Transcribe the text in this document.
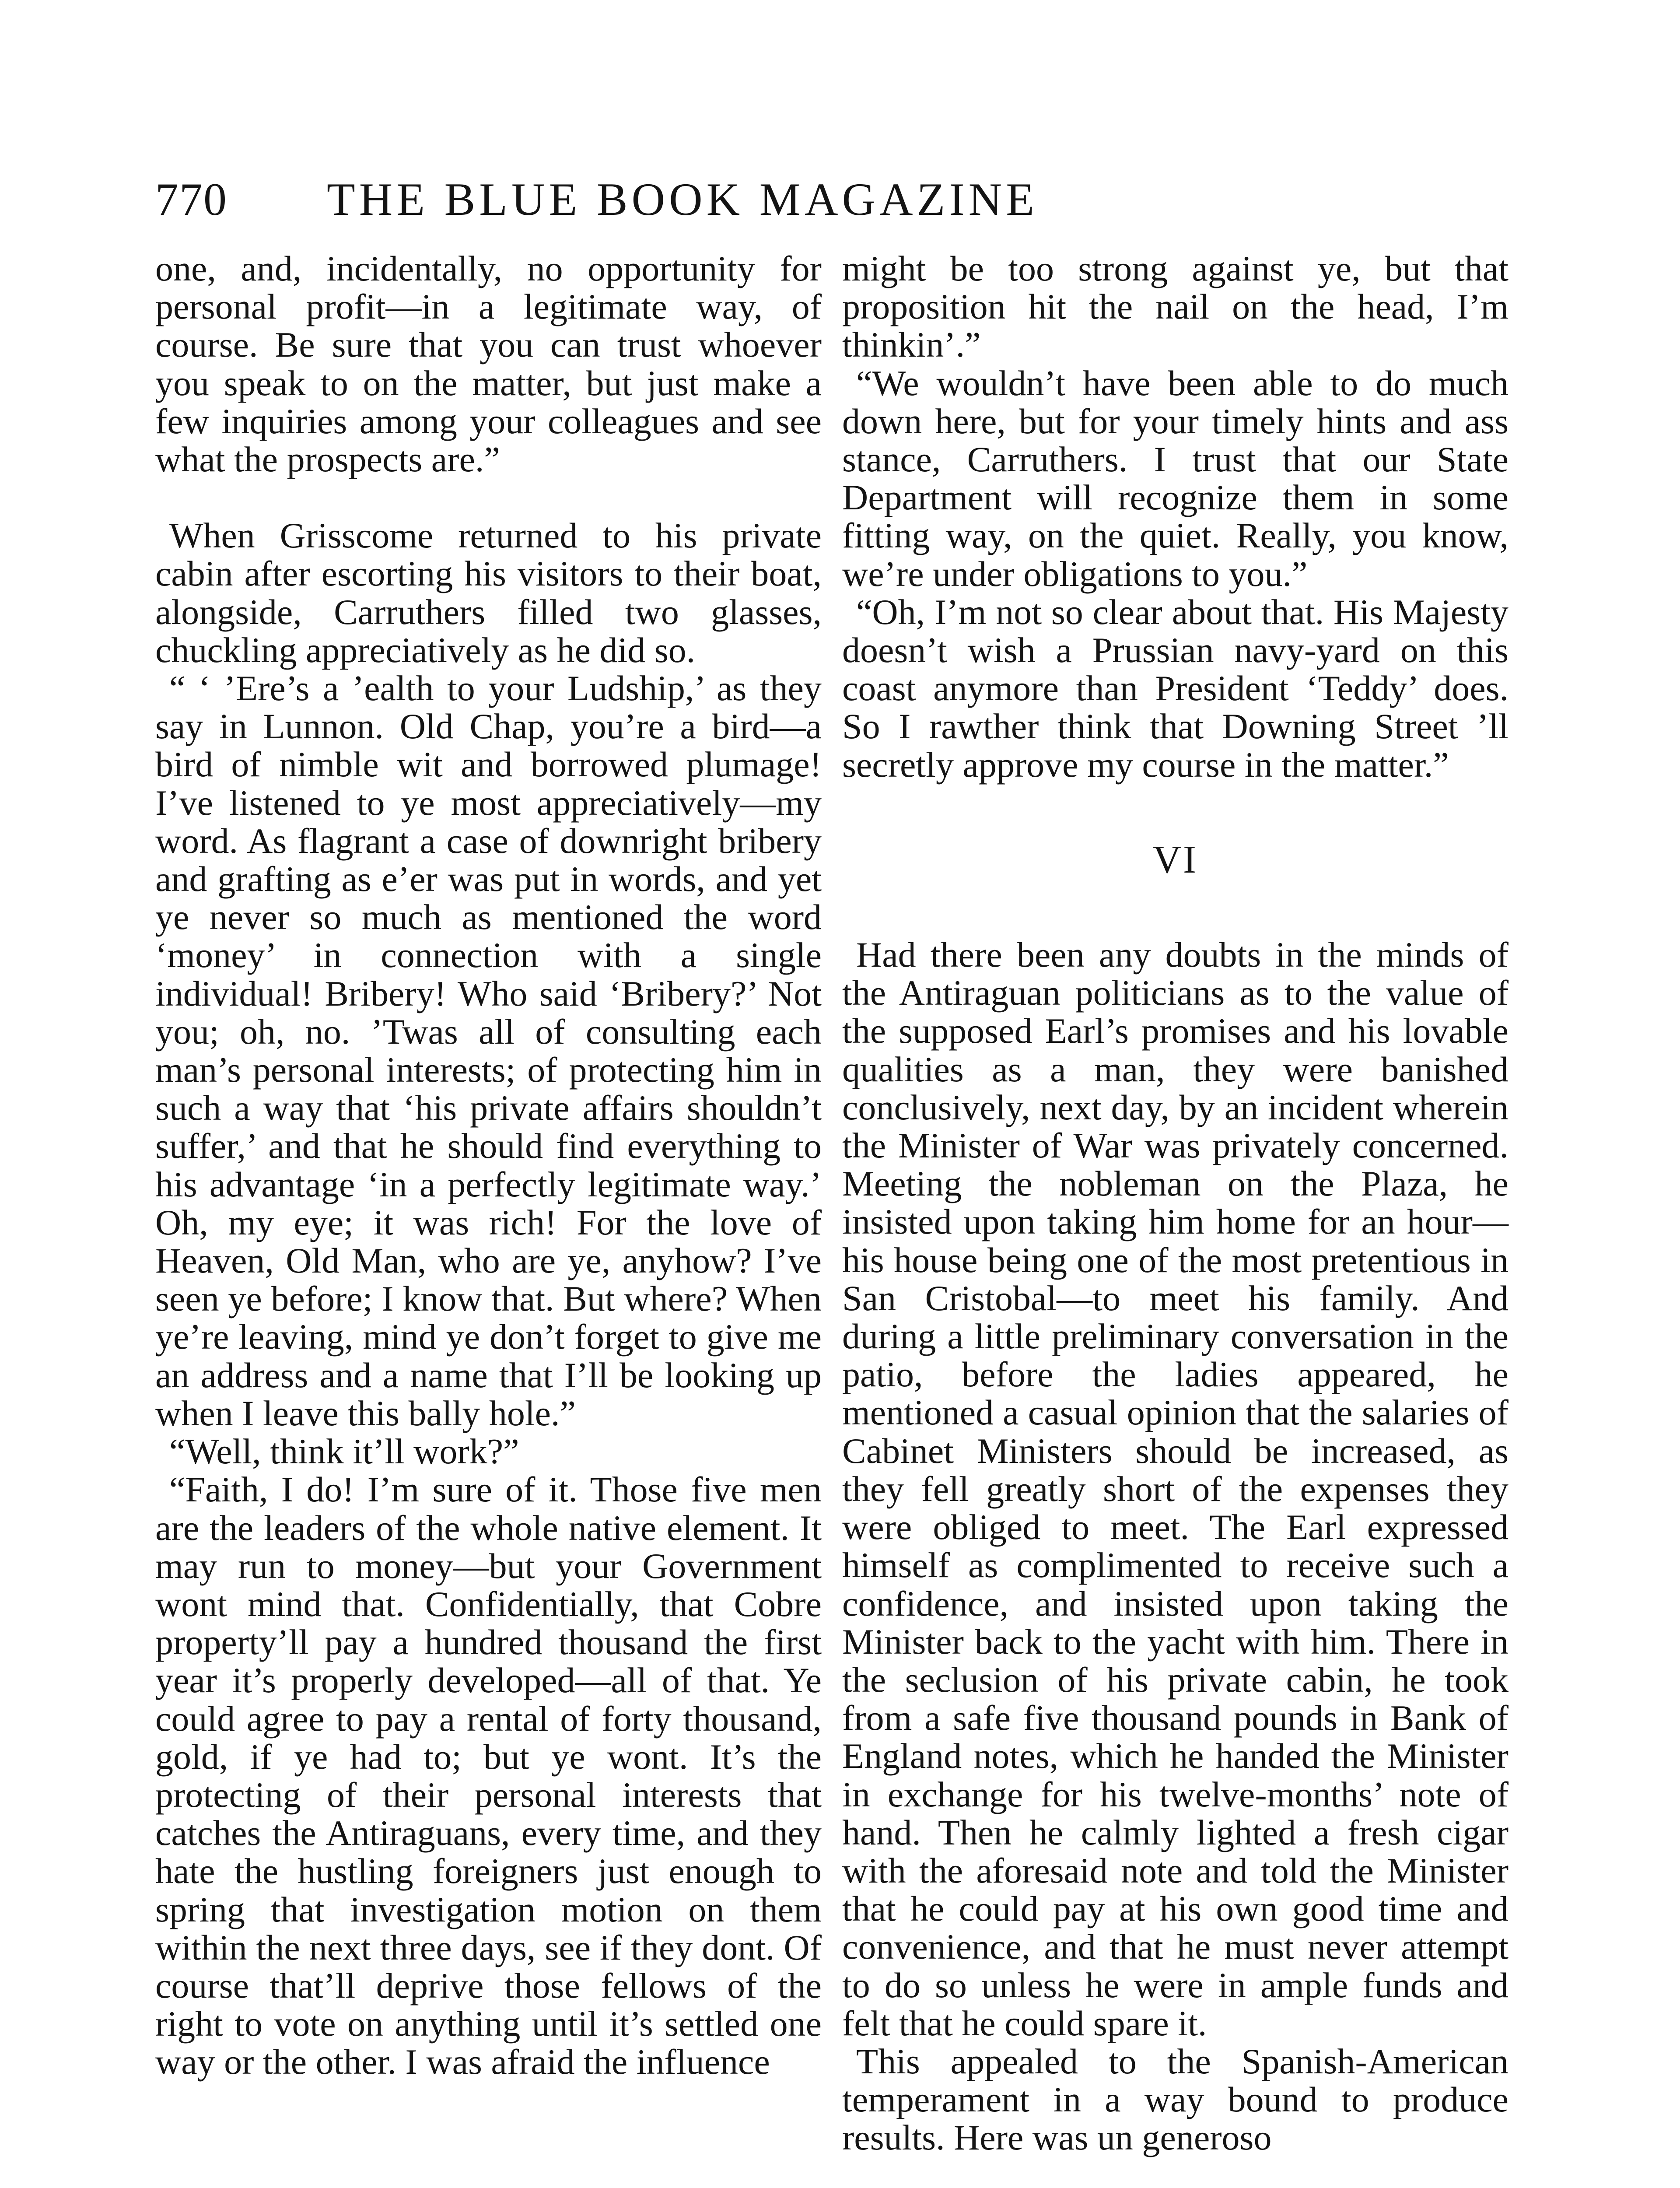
770	THE BLUE BOOK MAGAZINE

one, and, incidentally, no opportunity for personal profit—in a legitimate way, of course. Be sure that you can trust whoever you speak to on the matter, but just make a few inquiries among your colleagues and see what the prospects are.”

When Grisscome returned to his private cabin after escorting his visitors to their boat, alongside, Carruthers filled two glasses, chuckling appreciatively as he did so.

“ ‘ ’Ere’s a ’ealth to your Ludship,’ as they say in Lunnon. Old Chap, you’re a bird—a bird of nimble wit and borrowed plumage! I’ve listened to ye most appreciatively—my word. As flagrant a case of downright bribery and grafting as e’er was put in words, and yet ye never so much as mentioned the word ‘money’ in connection with a single individual! Bribery! Who said ‘Bribery?’ Not you; oh, no. ’Twas all of consulting each man’s personal interests; of protecting him in such a way that ‘his private affairs shouldn’t suffer,’ and that he should find everything to his advantage ‘in a perfectly legitimate way.’ Oh, my eye; it was rich! For the love of Heaven, Old Man, who are ye, anyhow? I’ve seen ye before; I know that. But where? When ye’re leaving, mind ye don’t forget to give me an address and a name that I’ll be looking up when I leave this bally hole.”

“Well, think it’ll work?”

“Faith, I do! I’m sure of it. Those five men are the leaders of the whole native element. It may run to money—but your Government wont mind that. Confidentially, that Cobre property’ll pay a hundred thousand the first year it’s properly developed—all of that. Ye could agree to pay a rental of forty thousand, gold, if ye had to; but ye wont. It’s the protecting of their personal interests that catches the Antiraguans, every time, and they hate the hustling foreigners just enough to spring that investigation motion on them within the next three days, see if they dont. Of course that’ll deprive those fellows of the right to vote on anything until it’s settled one way or the other. I was afraid the influence

might be too strong against ye, but that proposition hit the nail on the head, I’m thinkin’.”

“We wouldn’t have been able to do much down here, but for your timely hints and ass stance, Carruthers. I trust that our State Department will recognize them in some fitting way, on the quiet. Really, you know, we’re under obligations to you.”

“Oh, I’m not so clear about that. His Majesty doesn’t wish a Prussian navy-yard on this coast anymore than President ‘Teddy’ does. So I rawther think that Downing Street ’ll secretly approve my course in the matter.”

VI

Had there been any doubts in the minds of the Antiraguan politicians as to the value of the supposed Earl’s promises and his lovable qualities as a man, they were banished conclusively, next day, by an incident wherein the Minister of War was privately concerned. Meeting the nobleman on the Plaza, he insisted upon taking him home for an hour—his house being one of the most pretentious in San Cristobal—to meet his family. And during a little preliminary conversation in the patio, before the ladies appeared, he mentioned a casual opinion that the salaries of Cabinet Ministers should be increased, as they fell greatly short of the expenses they were obliged to meet. The Earl expressed himself as complimented to receive such a confidence, and insisted upon taking the Minister back to the yacht with him. There in the seclusion of his private cabin, he took from a safe five thousand pounds in Bank of England notes, which he handed the Minister in exchange for his twelve-months’ note of hand. Then he calmly lighted a fresh cigar with the aforesaid note and told the Minister that he could pay at his own good time and convenience, and that he must never attempt to do so unless he were in ample funds and felt that he could spare it.

This appealed to the Spanish-American temperament in a way bound to produce results. Here was un generoso
